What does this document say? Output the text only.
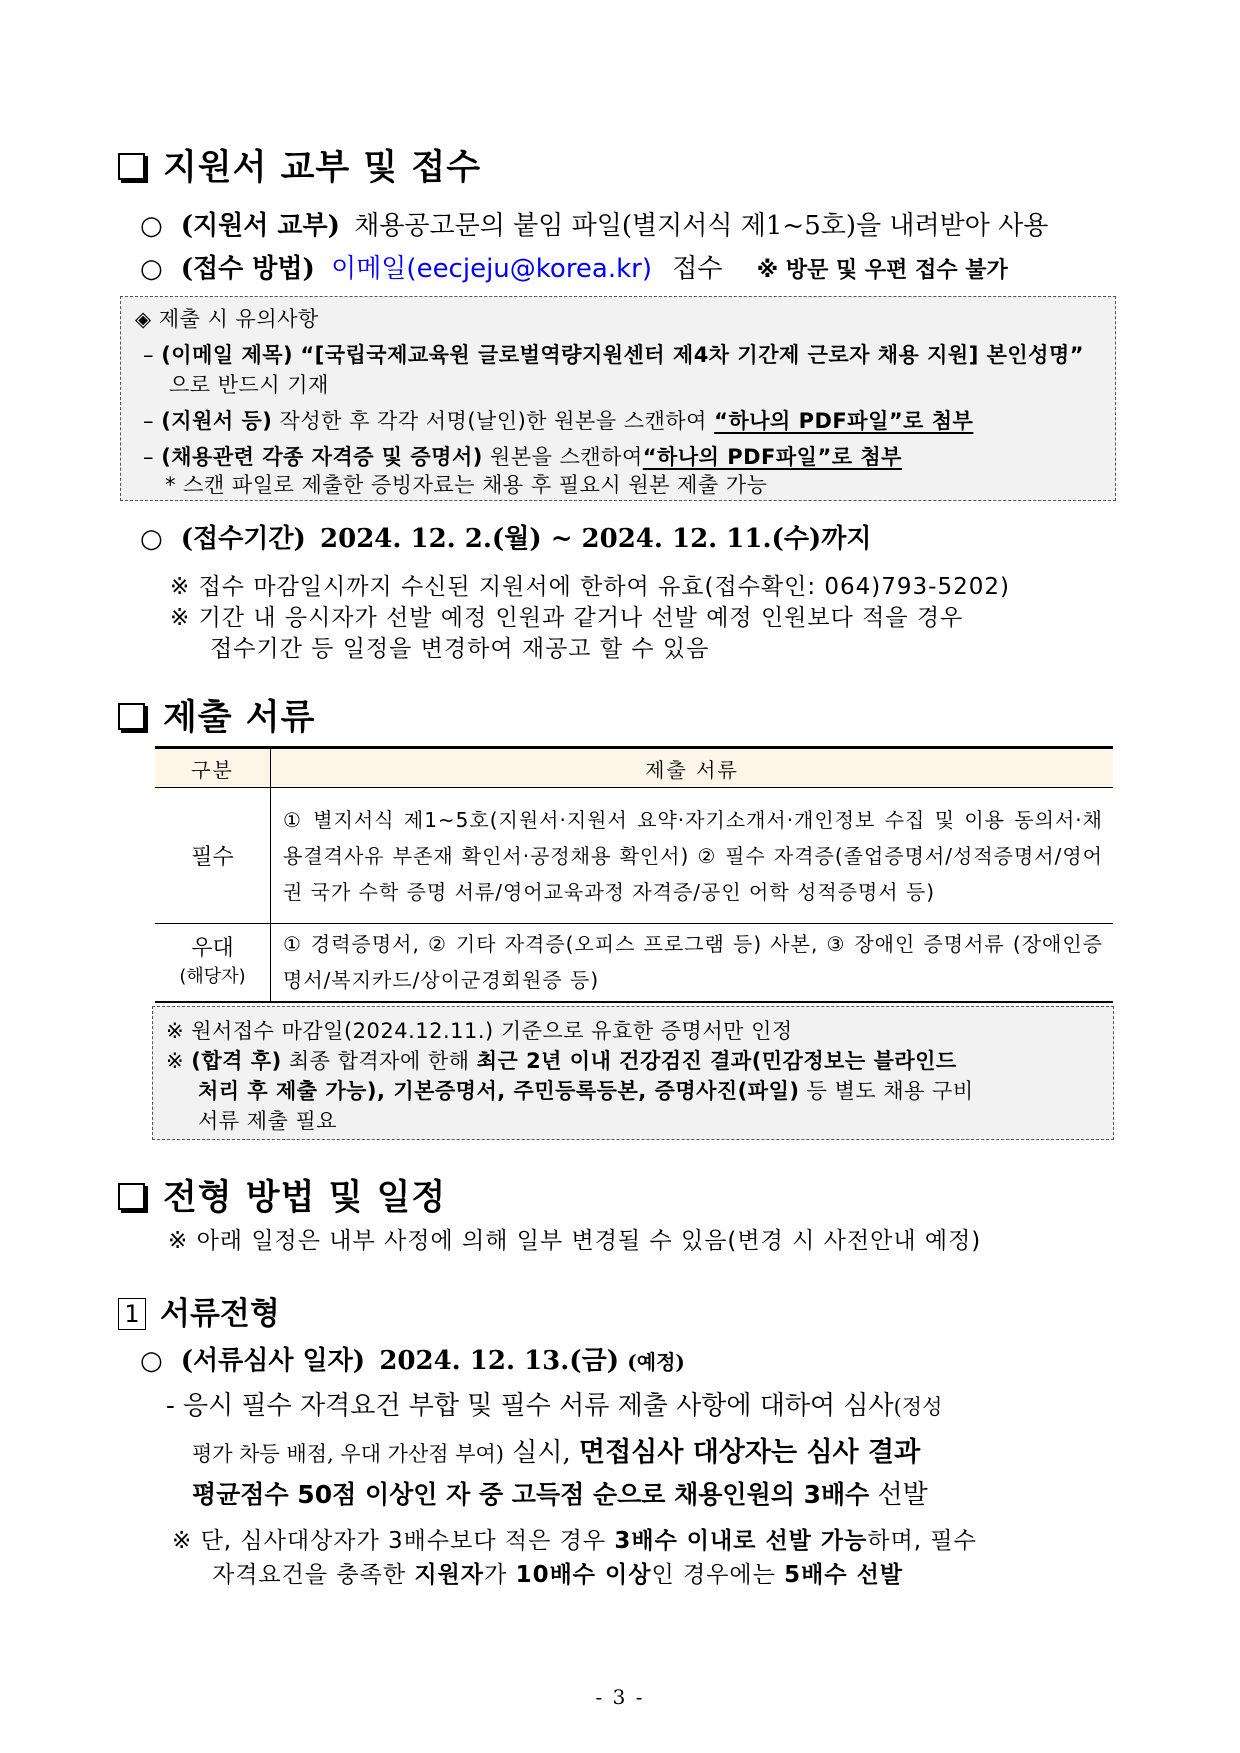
지원서 교부 및 접수
○ (지원서 교부) 채용공고문의 붙임 파일(별지서식 제1~5호)을 내려받아 사용
○ (접수 방법) 이메일(eecjeju@korea.kr) 접수 ※ 방문 및 우편 접수 불가
◈ 제출 시 유의사항
– (이메일 제목) “[국립국제교육원 글로벌역량지원센터 제4차 기간제 근로자 채용 지원] 본인성명”
으로 반드시 기재
– (지원서 등) 작성한 후 각각 서명(날인)한 원본을 스캔하여 “하나의 PDF파일”로 첨부
– (채용관련 각종 자격증 및 증명서) 원본을 스캔하여“하나의 PDF파일”로 첨부
* 스캔 파일로 제출한 증빙자료는 채용 후 필요시 원본 제출 가능
○ (접수기간) 2024. 12. 2.(월) ~ 2024. 12. 11.(수)까지
※ 접수 마감일시까지 수신된 지원서에 한하여 유효(접수확인: 064)793-5202)
※ 기간 내 응시자가 선발 예정 인원과 같거나 선발 예정 인원보다 적을 경우
접수기간 등 일정을 변경하여 재공고 할 수 있음
제출 서류
구분	제출 서류
필수	① 별지서식 제1~5호(지원서·지원서 요약·자기소개서·개인정보 수집 및 이용 동의서·채용결격사유 부존재 확인서·공정채용 확인서) ② 필수 자격증(졸업증명서/성적증명서/영어권 국가 수학 증명 서류/영어교육과정 자격증/공인 어학 성적증명서 등)

우대
(해당자)	① 경력증명서, ② 기타 자격증(오피스 프로그램 등) 사본, ③ 장애인 증명서류 (장애인증명서/복지카드/상이군경회원증 등)
※ 원서접수 마감일(2024.12.11.) 기준으로 유효한 증명서만 인정
※ (합격 후) 최종 합격자에 한해 최근 2년 이내 건강검진 결과(민감정보는 블라인드
처리 후 제출 가능), 기본증명서, 주민등록등본, 증명사진(파일) 등 별도 채용 구비
서류 제출 필요
전형 방법 및 일정
※ 아래 일정은 내부 사정에 의해 일부 변경될 수 있음(변경 시 사전안내 예정)
1 서류전형
○ (서류심사 일자) 2024. 12. 13.(금) (예정)
- 응시 필수 자격요건 부합 및 필수 서류 제출 사항에 대하여 심사(정성
평가 차등 배점, 우대 가산점 부여) 실시, 면접심사 대상자는 심사 결과
평균점수 50점 이상인 자 중 고득점 순으로 채용인원의 3배수 선발
※ 단, 심사대상자가 3배수보다 적은 경우 3배수 이내로 선발 가능하며, 필수
자격요건을 충족한 지원자가 10배수 이상인 경우에는 5배수 선발
- 3 -
